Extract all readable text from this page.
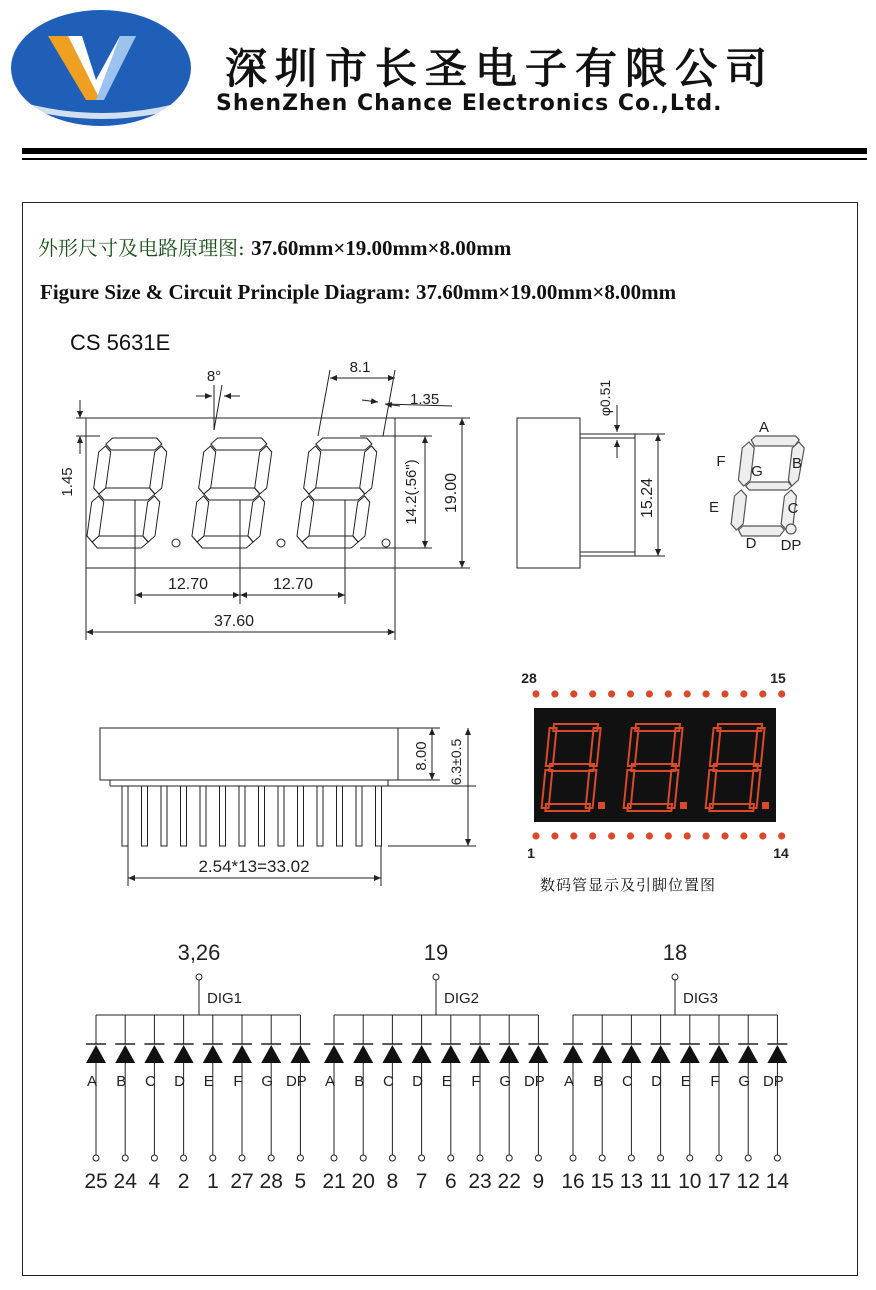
深圳市长圣电子有限公司
ShenZhen Chance Electronics Co.,Ltd.
外形尺寸及电路原理图: 37.60mm×19.00mm×8.00mm
Figure Size & Circuit Principle Diagram: 37.60mm×19.00mm×8.00mm
CS 5631E
8°
8.1
1.35
1.45	14.2(.56") 19.00
12.70	12.70
37.60
φ0.51
15.24
A
B
C
D
E
F
G
DP
8.00 6.3±0.5
2.54*13=33.02
28	15
1	14
3,26
DIG1
A
25
B
24
C
4
D
2
E
1
F
27
G
28
DP
5
19
DIG2
A
21
B
20
C
8
D
7
E
6
F
23
G
22
DP
9
18
DIG3
A
16
B
15
C
13
D
11
E
10
F
17
G
12
DP
14
数码管显示及引脚位置图
